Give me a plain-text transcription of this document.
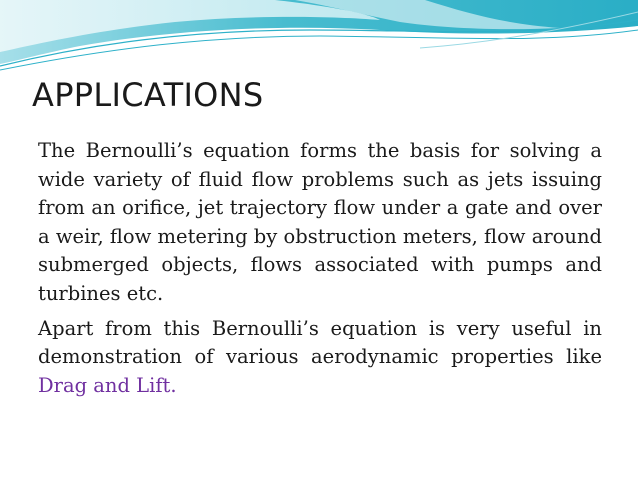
APPLICATIONS

The Bernoulli’s equation forms the basis for solving a wide variety of fluid flow problems such as jets issuing from an orifice, jet trajectory flow under a gate and over a weir, flow metering by obstruction meters, flow around submerged objects, flows associated with pumps and turbines etc.

Apart from this Bernoulli’s equation is very useful in demonstration of various aerodynamic properties like Drag and Lift.
